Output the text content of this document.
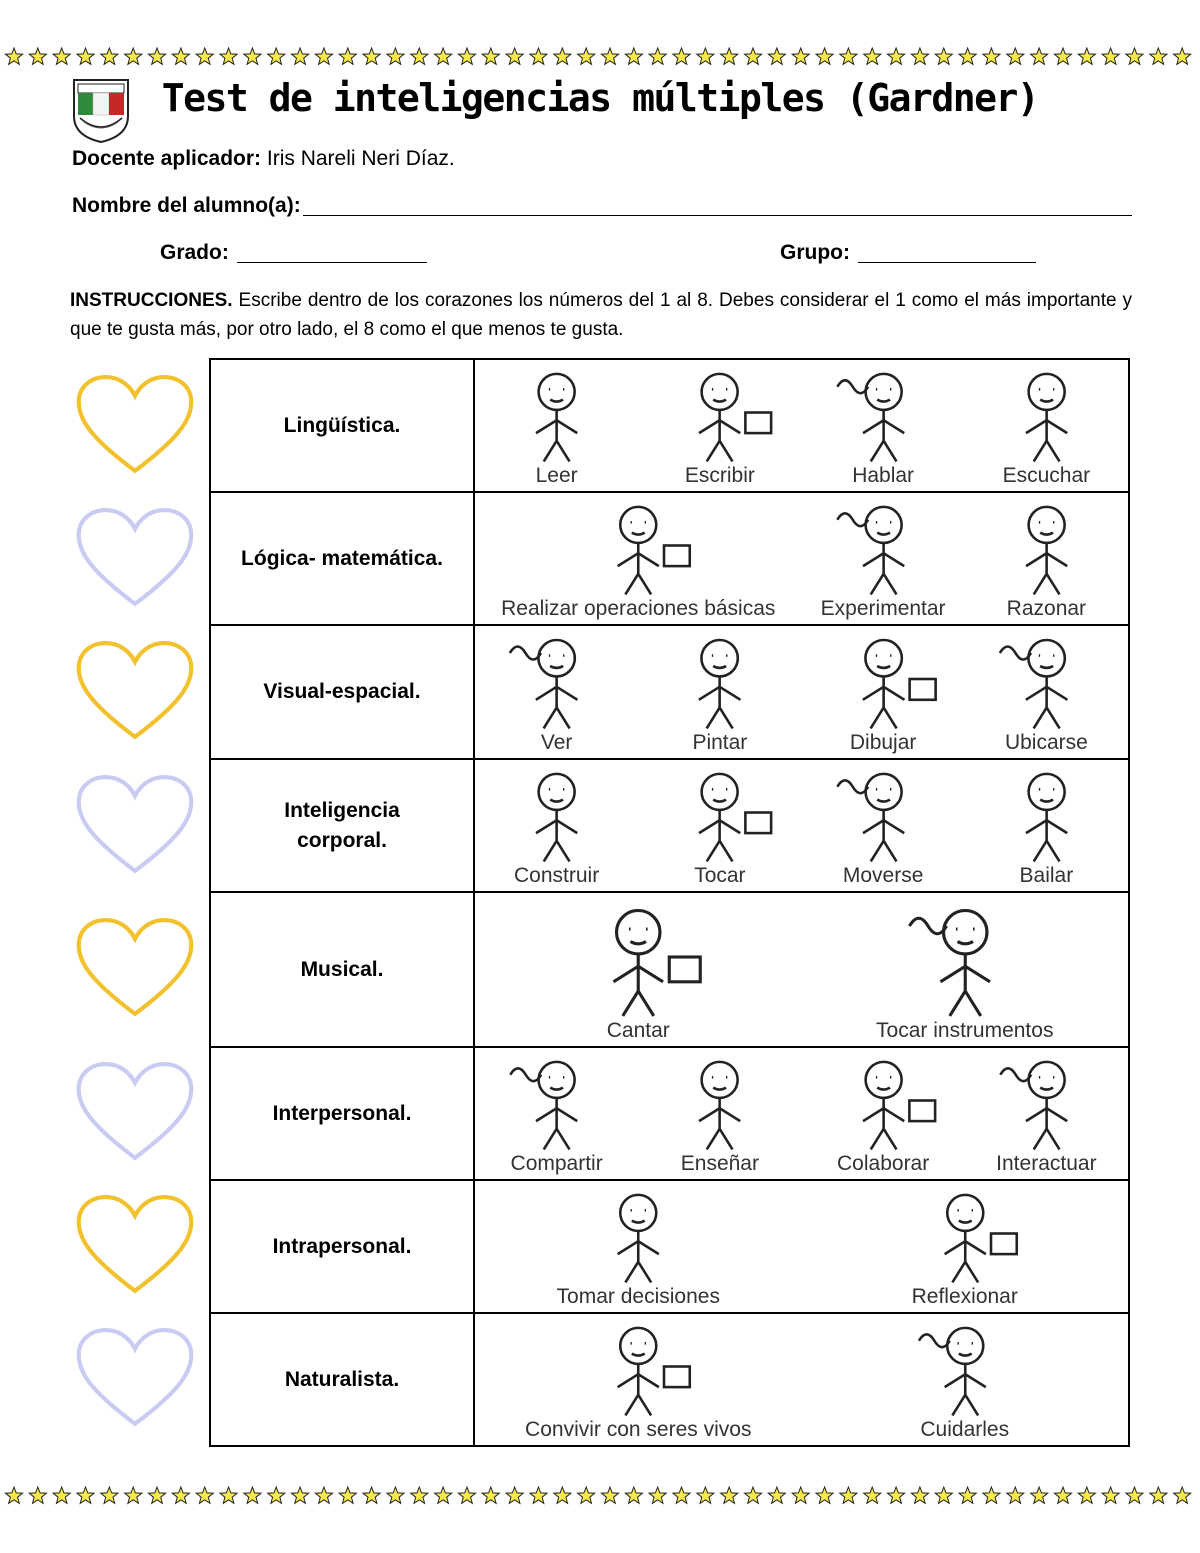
Test de inteligencias múltiples (Gardner)
Docente aplicador: Iris Nareli Neri Díaz.
Nombre del alumno(a):
Grado:	Grupo:
INSTRUCCIONES. Escribe dentro de los corazones los números del 1 al 8. Debes considerar el 1 como el más importante y que te gusta más, por otro lado, el 8 como el que menos te gusta.
Lingüística.	Leer Escribir Hablar Escuchar

Lógica- matemática.	Realizar operaciones básicas Experimentar Razonar

Visual-espacial.	Ver Pintar Dibujar Ubicarse

Inteligencia corporal.	Construir Tocar Moverse Bailar

Musical.	Cantar Tocar instrumentos

Interpersonal.	Compartir Enseñar Colaborar Interactuar

Intrapersonal.	Tomar decisiones Reflexionar

Naturalista.	Convivir con seres vivos Cuidarles
